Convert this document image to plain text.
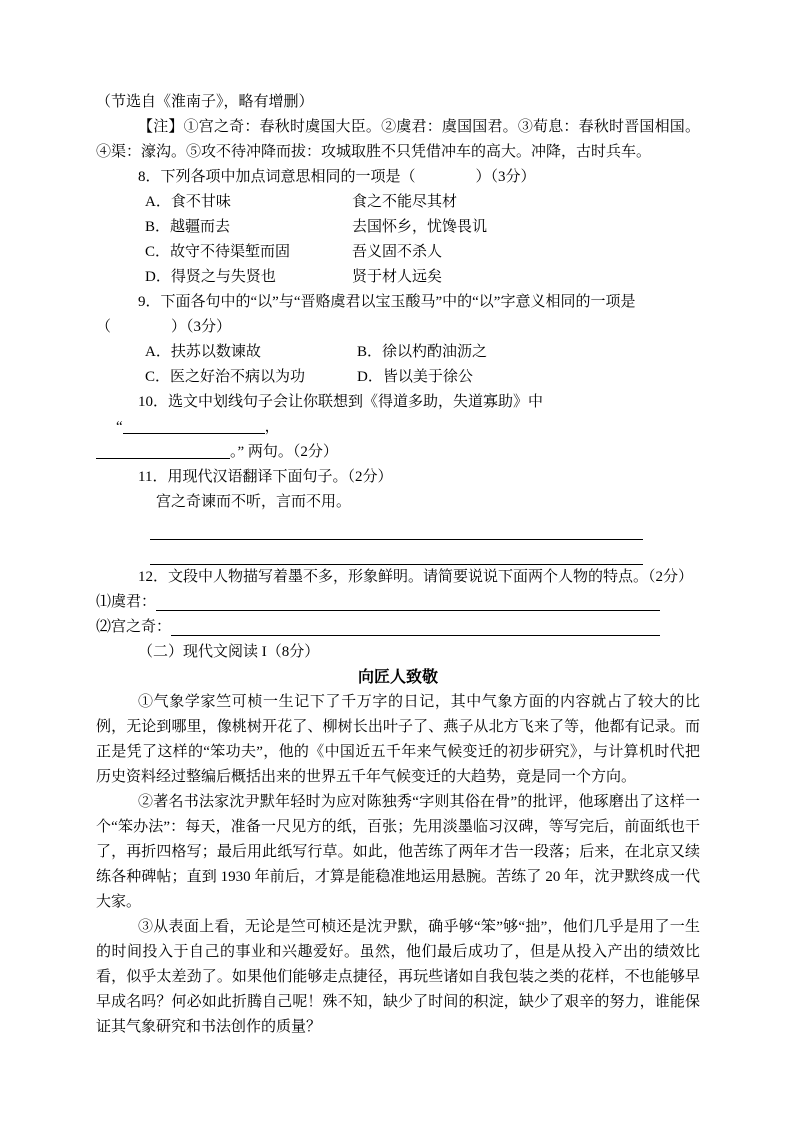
（节选自《淮南子》，略有增删）

【注】①宫之奇：春秋时虞国大臣。②虞君：虞国国君。③荀息：春秋时晋国相国。④渠：濠沟。⑤攻不待冲降而拔：攻城取胜不只凭借冲车的高大。冲降，古时兵车。

8．下列各项中加点词意思相同的一项是（　　　　）（3分）

A．食不甘味	食之不能尽其材
B．越疆而去	去国怀乡，忧馋畏讥
C．故守不待渠堑而固	吾义固不杀人
D．得贤之与失贤也	贤于材人远矣

9．下面各句中的“以”与“晋赂虞君以宝玉酸马”中的“以”字意义相同的一项是

（　　　　）（3分）

A．扶苏以数谏故	B．徐以杓酌油沥之
C．医之好治不病以为功	D．皆以美于徐公

10．选文中划线句子会让你联想到《得道多助，失道寡助》中

“	，
。” 两句。（2分）

11．用现代汉语翻译下面句子。（2分）

宫之奇谏而不听，言而不用。

12．文段中人物描写着墨不多，形象鲜明。请简要说说下面两个人物的特点。（2分）

⑴虞君：
⑵宫之奇：

（二）现代文阅读 I（8分）

向匠人致敬

①气象学家竺可桢一生记下了千万字的日记，其中气象方面的内容就占了较大的比例，无论到哪里，像桃树开花了、柳树长出叶子了、燕子从北方飞来了等，他都有记录。而正是凭了这样的“笨功夫”，他的《中国近五千年来气候变迁的初步研究》，与计算机时代把历史资料经过整编后概括出来的世界五千年气候变迁的大趋势，竟是同一个方向。

②著名书法家沈尹默年轻时为应对陈独秀“字则其俗在骨”的批评，他琢磨出了这样一个“笨办法”：每天，准备一尺见方的纸，百张；先用淡墨临习汉碑，等写完后，前面纸也干了，再折四格写；最后用此纸写行草。如此，他苦练了两年才告一段落；后来，在北京又续练各种碑帖；直到 1930 年前后，才算是能稳准地运用悬腕。苦练了 20 年，沈尹默终成一代大家。

③从表面上看，无论是竺可桢还是沈尹默，确乎够“笨”够“拙”，他们几乎是用了一生的时间投入于自己的事业和兴趣爱好。虽然，他们最后成功了，但是从投入产出的绩效比看，似乎太差劲了。如果他们能够走点捷径，再玩些诸如自我包装之类的花样，不也能够早早成名吗？何必如此折腾自己呢！殊不知，缺少了时间的积淀，缺少了艰辛的努力，谁能保证其气象研究和书法创作的质量？
